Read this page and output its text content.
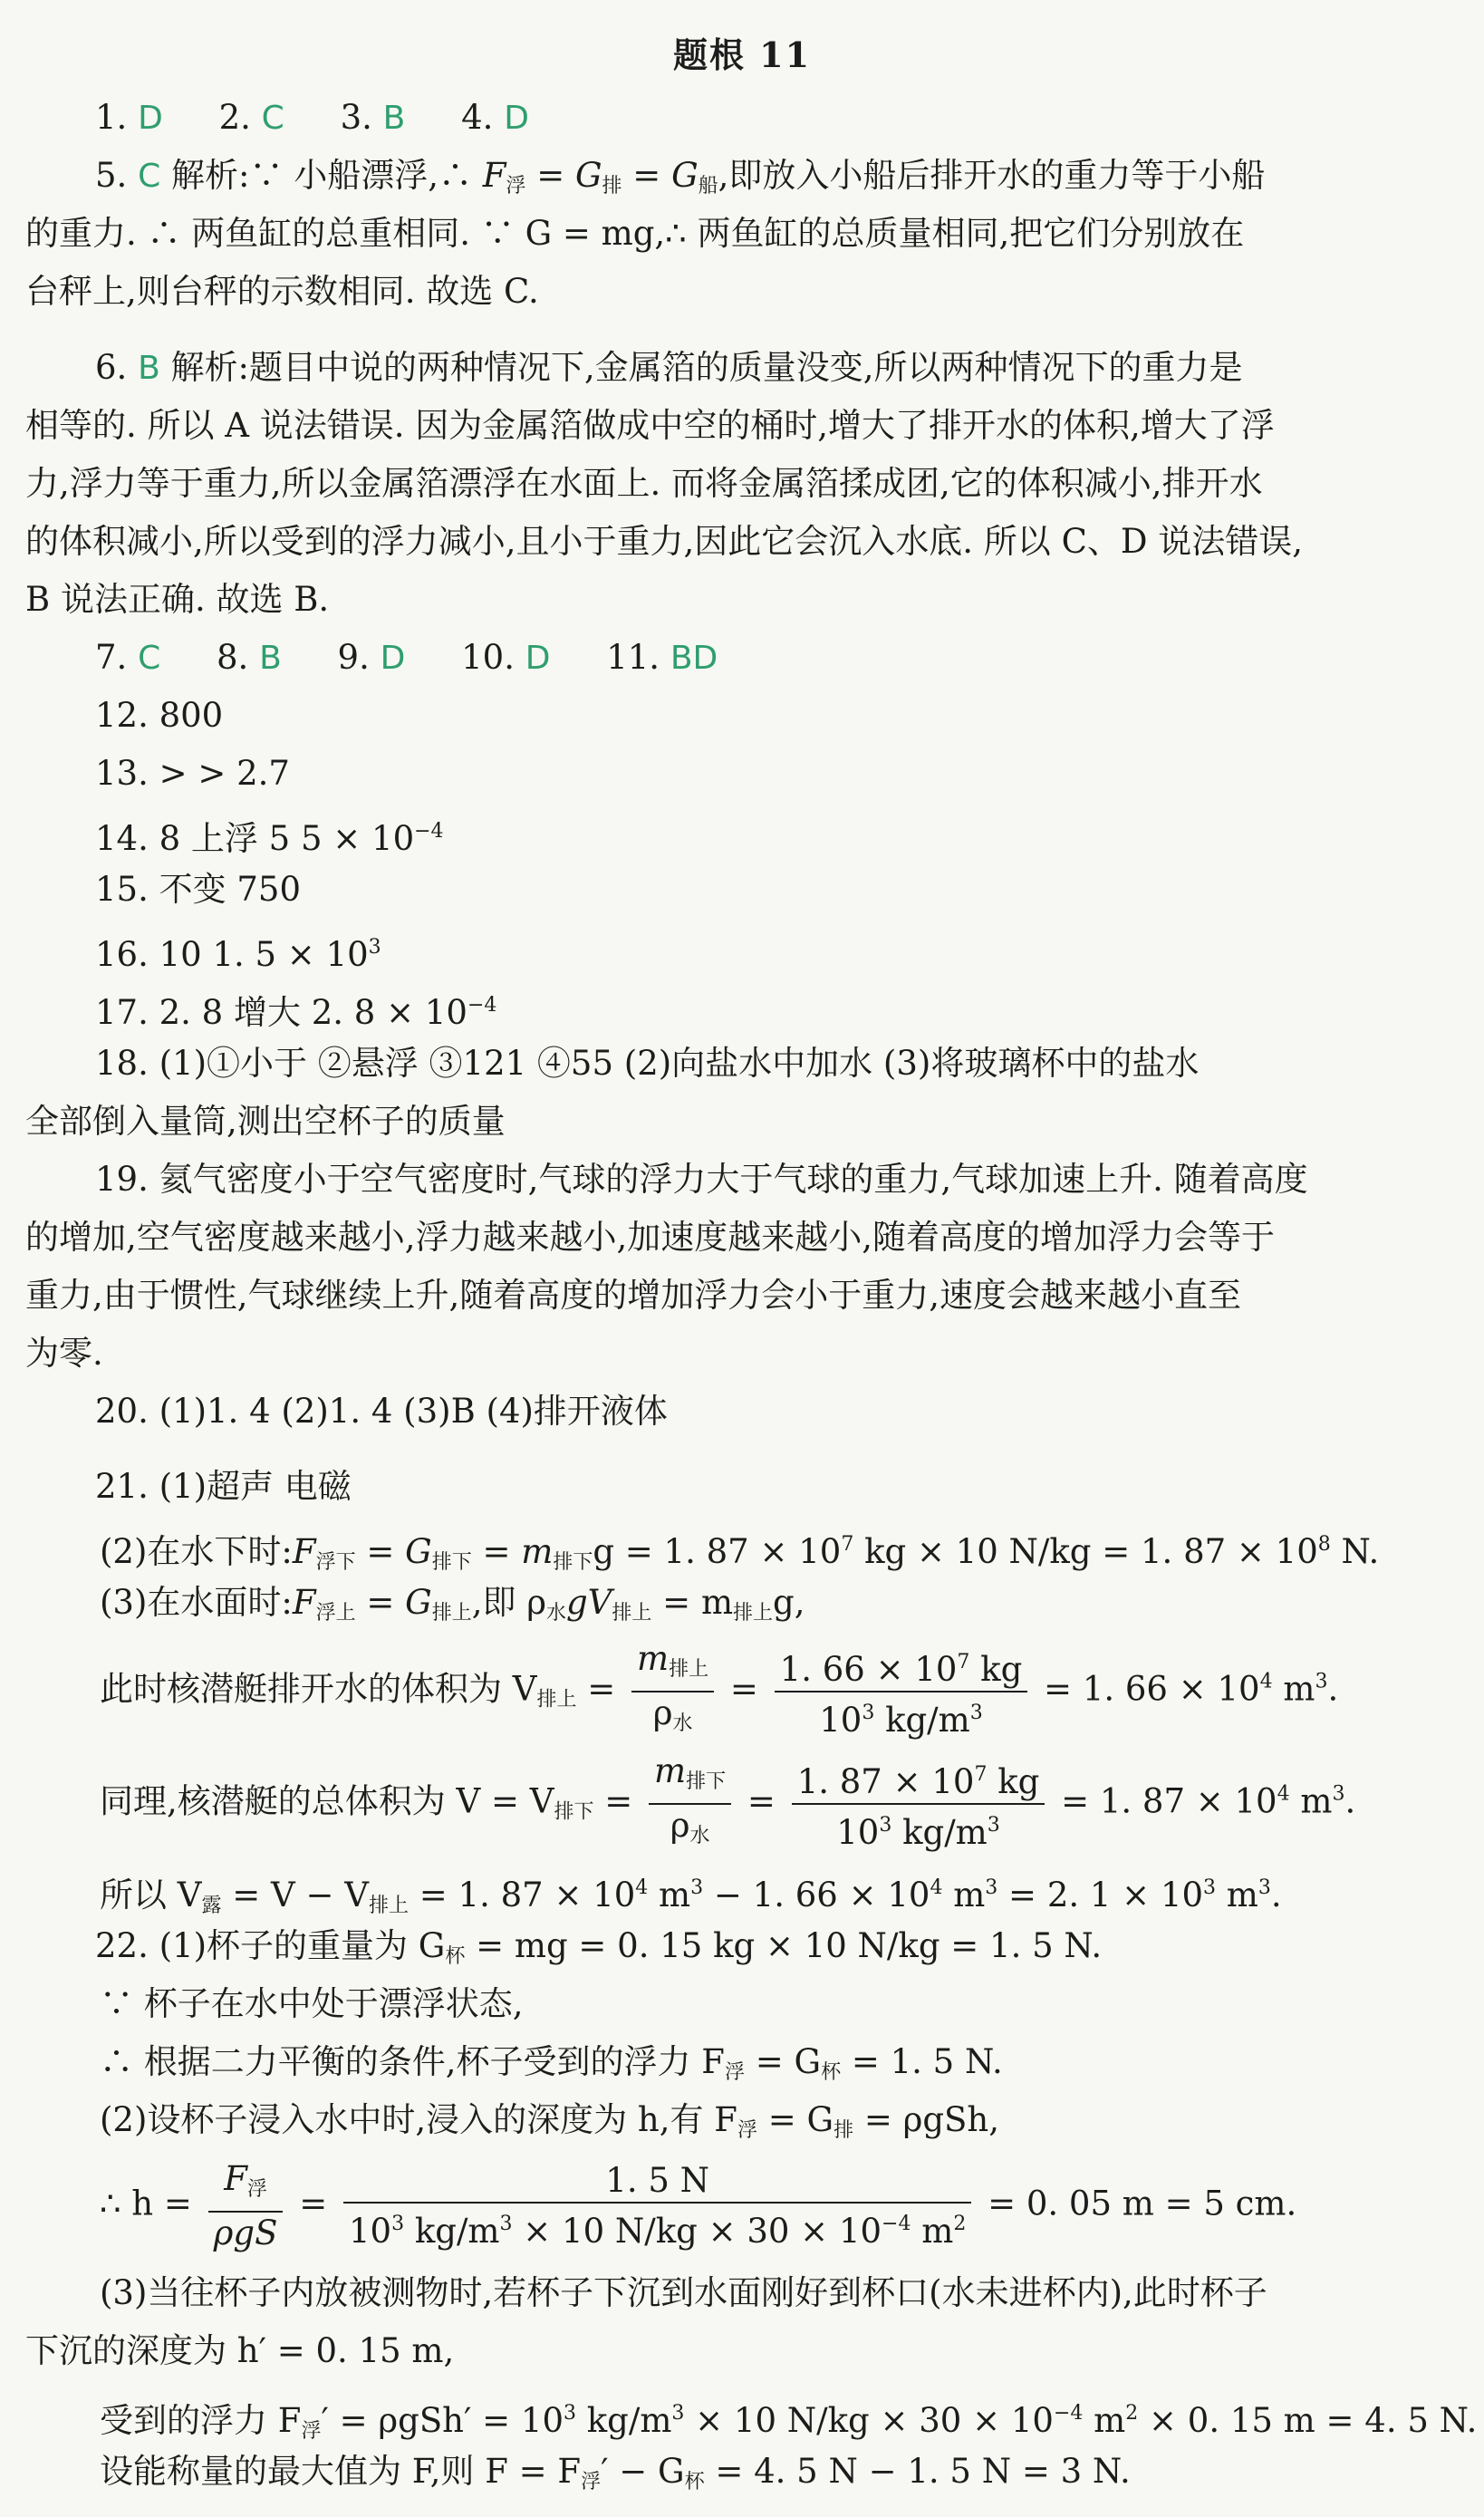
题根 11
1. D 2. C 3. B 4. D
5. C 解析:∵ 小船漂浮,∴ $F_浮 = G_排 = G_船$,即放入小船后排开水的重力等于小船
的重力. ∴ 两鱼缸的总重相同. ∵ G = mg,∴ 两鱼缸的总质量相同,把它们分别放在
台秤上,则台秤的示数相同. 故选 C.
6. B 解析:题目中说的两种情况下,金属箔的质量没变,所以两种情况下的重力是
相等的. 所以 A 说法错误. 因为金属箔做成中空的桶时,增大了排开水的体积,增大了浮
力,浮力等于重力,所以金属箔漂浮在水面上. 而将金属箔揉成团,它的体积减小,排开水
的体积减小,所以受到的浮力减小,且小于重力,因此它会沉入水底. 所以 C、D 说法错误,
B 说法正确. 故选 B.
7. C 8. B 9. D 10. D 11. BD
12. 800
13. > > 2.7
14. 8 上浮 5 $5 \times 10^{-4}$
15. 不变 750
16. 10 1. $5 \times 10^3$
17. 2. 8 增大 2. $8 \times 10^{-4}$
18. (1)①小于 ②悬浮 ③121 ④55 (2)向盐水中加水 (3)将玻璃杯中的盐水
全部倒入量筒,测出空杯子的质量
19. 氦气密度小于空气密度时,气球的浮力大于气球的重力,气球加速上升. 随着高度
的增加,空气密度越来越小,浮力越来越小,加速度越来越小,随着高度的增加浮力会等于
重力,由于惯性,气球继续上升,随着高度的增加浮力会小于重力,速度会越来越小直至
为零.
20. (1)1. 4 (2)1. 4 (3)B (4)排开液体
21. (1)超声 电磁
(2)在水下时$:F_{浮下} = G_{排下} = m_{排下}g = 1$. $87 \times 10^7$ kg × 10 N/kg = 1. $87 \times 10^8$ N.
(3)在水面时$:F_{浮上} = G_{排上}$,即 $\rho_水gV_{排上} = m_{排上}g$,
此时核潜艇排开水的体积为 $V_{排上} = \frac{m_{排上}}{\rho_水} = \frac{1. 66 \times 10^7 kg}{10^3 kg/m^3} = 1$. $66 \times 10^4$ $m^3$.
同理,核潜艇的总体积为 $V = V_{排下} = \frac{m_{排下}}{\rho_水} = \frac{1. 87 \times 10^7 kg}{10^3 kg/m^3} = 1$. $87 \times 10^4$ $m^3$.
所以 $V_露 = V - V_{排上} = 1$. $87 \times 10^4$ $m^3 - 1$. $66 \times 10^4$ $m^3 = 2$. $1 \times 10^3$ $m^3$.
22. (1)杯子的重量为 $G_杯$ = mg = 0. 15 kg × 10 N/kg = 1. 5 N.
∵ 杯子在水中处于漂浮状态,
∴ 根据二力平衡的条件,杯子受到的浮力 $F_浮 = G_杯 = 1$. 5 N.
(2)设杯子浸入水中时,浸入的深度为 h,有 $F_浮 = G_排 = \rho gSh$,
∴ $h = \frac{F_浮}{\text{ρgS}} = \frac{1. 5 N}{10^3 kg/m^3 \times 10 N/kg \times 30 \times 10^{-4} m^2} = 0$. 05 m = 5 cm.
(3)当往杯子内放被测物时,若杯子下沉到水面刚好到杯口(水未进杯内),此时杯子
下沉的深度为 h′ = 0. 15 m,
受到的浮力 $F_浮' = \rho gSh' = 10^3$ $kg/m^3 \times 10$ $N/kg \times 30 \times 10^{-4}$ $m^2 \times 0$. 15 m = 4. 5 N.
设能称量的最大值为 F,则 $F = F_浮' - G_杯 = 4$. 5 N − 1. 5 N = 3 N.
